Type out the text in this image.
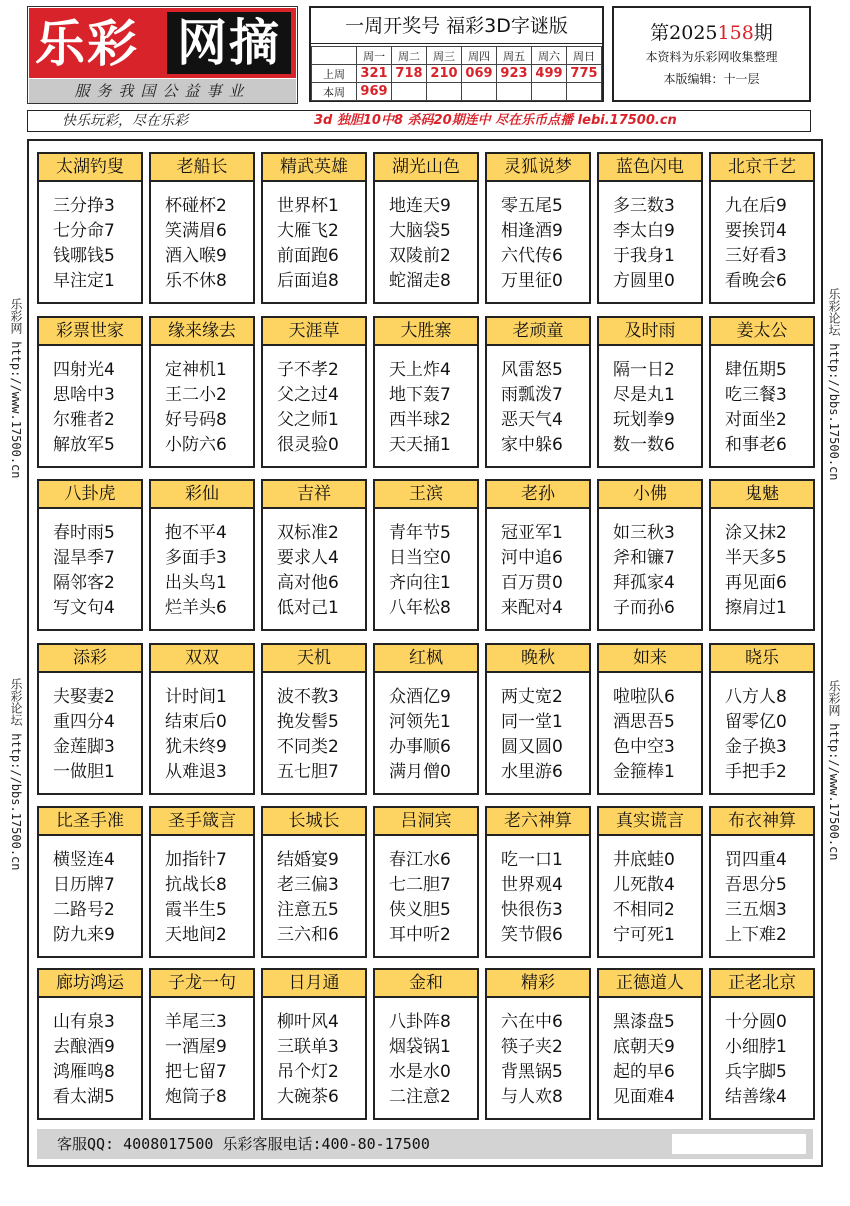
乐彩 网摘
服务我国公益事业
一周开奖号 福彩3D字谜版
	周一	周二	周三	周四	周五	周六	周日
上周	321	718	210	069	923	499	775
本周	969						
第2025158期
本资料为乐彩网收集整理
本版编辑：十一层
快乐玩彩，尽在乐彩	3d 独胆10中8 杀码20期连中 尽在乐币点播 lebi.17500.cn
乐彩网 http://www.17500.cn
乐彩论坛 http://bbs.17500.cn
乐彩论坛 http://bbs.17500.cn
乐彩网 http://www.17500.cn
太湖钓叟
三分挣3
七分命7
钱哪钱5
早注定1
老船长
杯碰杯2
笑满眉6
酒入喉9
乐不休8
精武英雄
世界杯1
大雁飞2
前面跑6
后面追8
湖光山色
地连天9
大脑袋5
双陵前2
蛇溜走8
灵狐说梦
零五尾5
相逢酒9
六代传6
万里征0
蓝色闪电
多三数3
李太白9
于我身1
方圆里0
北京千艺
九在后9
要挨罚4
三好看3
看晚会6
彩票世家
四射光4
思啥中3
尔雅者2
解放军5
缘来缘去
定神机1
王二小2
好号码8
小防六6
天涯草
子不孝2
父之过4
父之师1
很灵验0
大胜寨
天上炸4
地下轰7
西半球2
天天捅1
老顽童
风雷怒5
雨瓢泼7
恶天气4
家中躲6
及时雨
隔一日2
尽是丸1
玩划拳9
数一数6
姜太公
肆伍期5
吃三餐3
对面坐2
和事老6
八卦虎
春时雨5
湿旱季7
隔邻客2
写文句4
彩仙
抱不平4
多面手3
出头鸟1
烂羊头6
吉祥
双标准2
要求人4
高对他6
低对己1
王滨
青年节5
日当空0
齐向往1
八年松8
老孙
冠亚军1
河中追6
百万贯0
来配对4
小佛
如三秋3
斧和镰7
拜孤家4
子而孙6
鬼魅
涂又抹2
半天多5
再见面6
擦肩过1
添彩
夫娶妻2
重四分4
金莲脚3
一做胆1
双双
计时间1
结束后0
犹未终9
从难退3
天机
波不教3
挽发髻5
不同类2
五七胆7
红枫
众酒亿9
河领先1
办事顺6
满月僧0
晚秋
两丈宽2
同一堂1
圆又圆0
水里游6
如来
啦啦队6
酒思吾5
色中空3
金箍棒1
晓乐
八方人8
留零亿0
金子换3
手把手2
比圣手准
横竖连4
日历牌7
二路号2
防九来9
圣手箴言
加指针7
抗战长8
霞半生5
天地间2
长城长
结婚宴9
老三偏3
注意五5
三六和6
吕洞宾
春江水6
七二胆7
侠义胆5
耳中听2
老六神算
吃一口1
世界观4
快很伤3
笑节假6
真实谎言
井底蛙0
儿死散4
不相同2
宁可死1
布衣神算
罚四重4
吾思分5
三五烟3
上下难2
廊坊鸿运
山有泉3
去酿酒9
鸿雁鸣8
看太湖5
子龙一句
羊尾三3
一酒屋9
把七留7
炮筒子8
日月通
柳叶风4
三联单3
吊个灯2
大碗茶6
金和
八卦阵8
烟袋锅1
水是水0
二注意2
精彩
六在中6
筷子夹2
背黑锅5
与人欢8
正德道人
黑漆盘5
底朝天9
起的早6
见面难4
正老北京
十分圆0
小细脖1
兵字脚5
结善缘4
客服QQ: 4008017500 乐彩客服电话:400-80-17500
